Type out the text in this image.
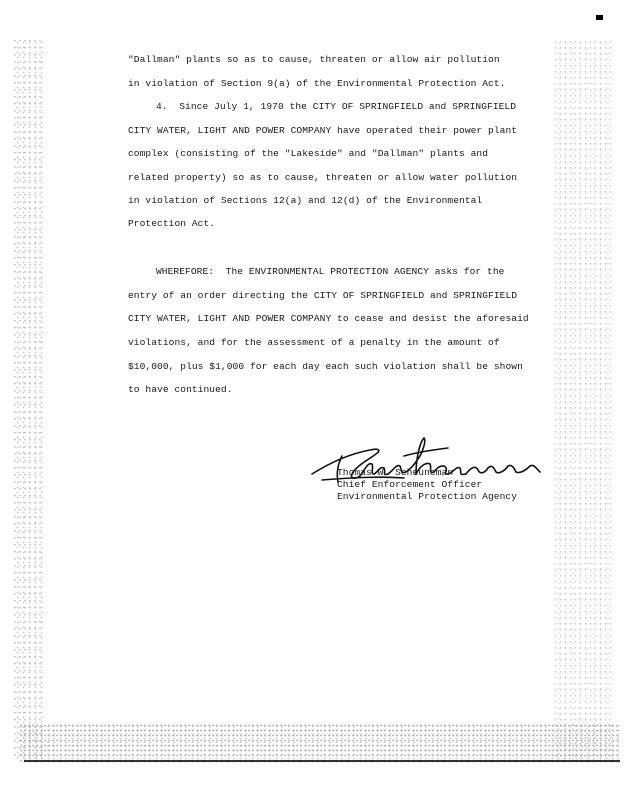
"Dallman" plants so as to cause, threaten or allow air pollution
in violation of Section 9(a) of the Environmental Protection Act.
4.  Since July 1, 1970 the CITY OF SPRINGFIELD and SPRINGFIELD
CITY WATER, LIGHT AND POWER COMPANY have operated their power plant
complex (consisting of the "Lakeside" and "Dallman" plants and
related property) so as to cause, threaten or allow water pollution
in violation of Sections 12(a) and 12(d) of the Environmental
Protection Act.
WHEREFORE:  The ENVIRONMENTAL PROTECTION AGENCY asks for the
entry of an order directing the CITY OF SPRINGFIELD and SPRINGFIELD
CITY WATER, LIGHT AND POWER COMPANY to cease and desist the aforesaid
violations, and for the assessment of a penalty in the amount of
$10,000, plus $1,000 for each day each such violation shall be shown
to have continued.
Thomas W. Scheuneman
Chief Enforcement Officer
Environmental Protection Agency
